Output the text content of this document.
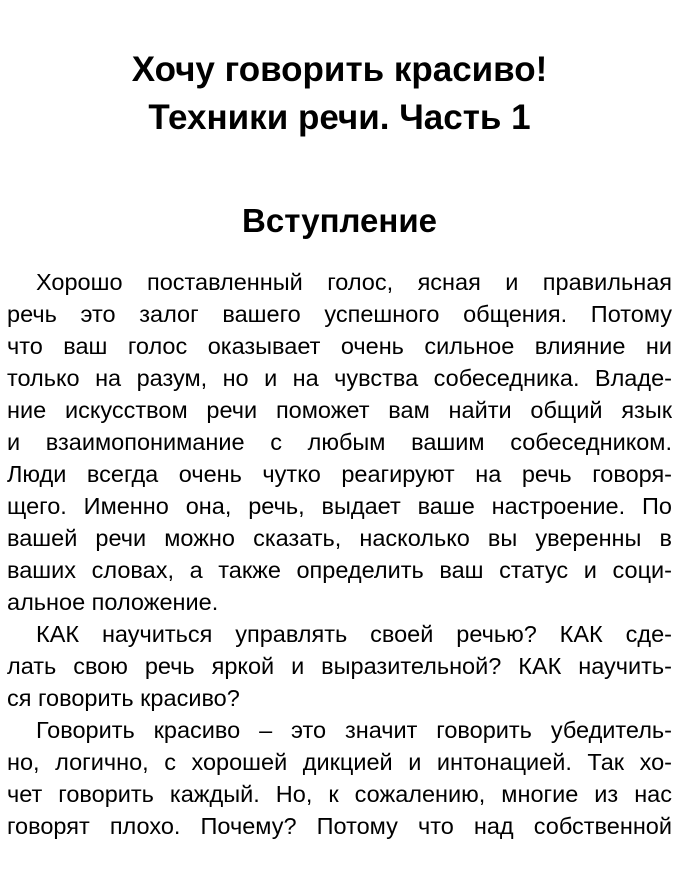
Хочу говорить красиво!
Техники речи. Часть 1
Вступление
Хорошо поставленный голос, ясная и правильная
речь это залог вашего успешного общения. Потому
что ваш голос оказывает очень сильное влияние ни
только на разум, но и на чувства собеседника. Владе-
ние искусством речи поможет вам найти общий язык
и взаимопонимание с любым вашим собеседником.
Люди всегда очень чутко реагируют на речь говоря-
щего. Именно она, речь, выдает ваше настроение. По
вашей речи можно сказать, насколько вы уверенны в
ваших словах, а также определить ваш статус и соци-
альное положение.
КАК научиться управлять своей речью? КАК сде-
лать свою речь яркой и выразительной? КАК научить-
ся говорить красиво?
Говорить красиво – это значит говорить убедитель-
но, логично, с хорошей дикцией и интонацией. Так хо-
чет говорить каждый. Но, к сожалению, многие из нас
говорят плохо. Почему? Потому что над собственной
